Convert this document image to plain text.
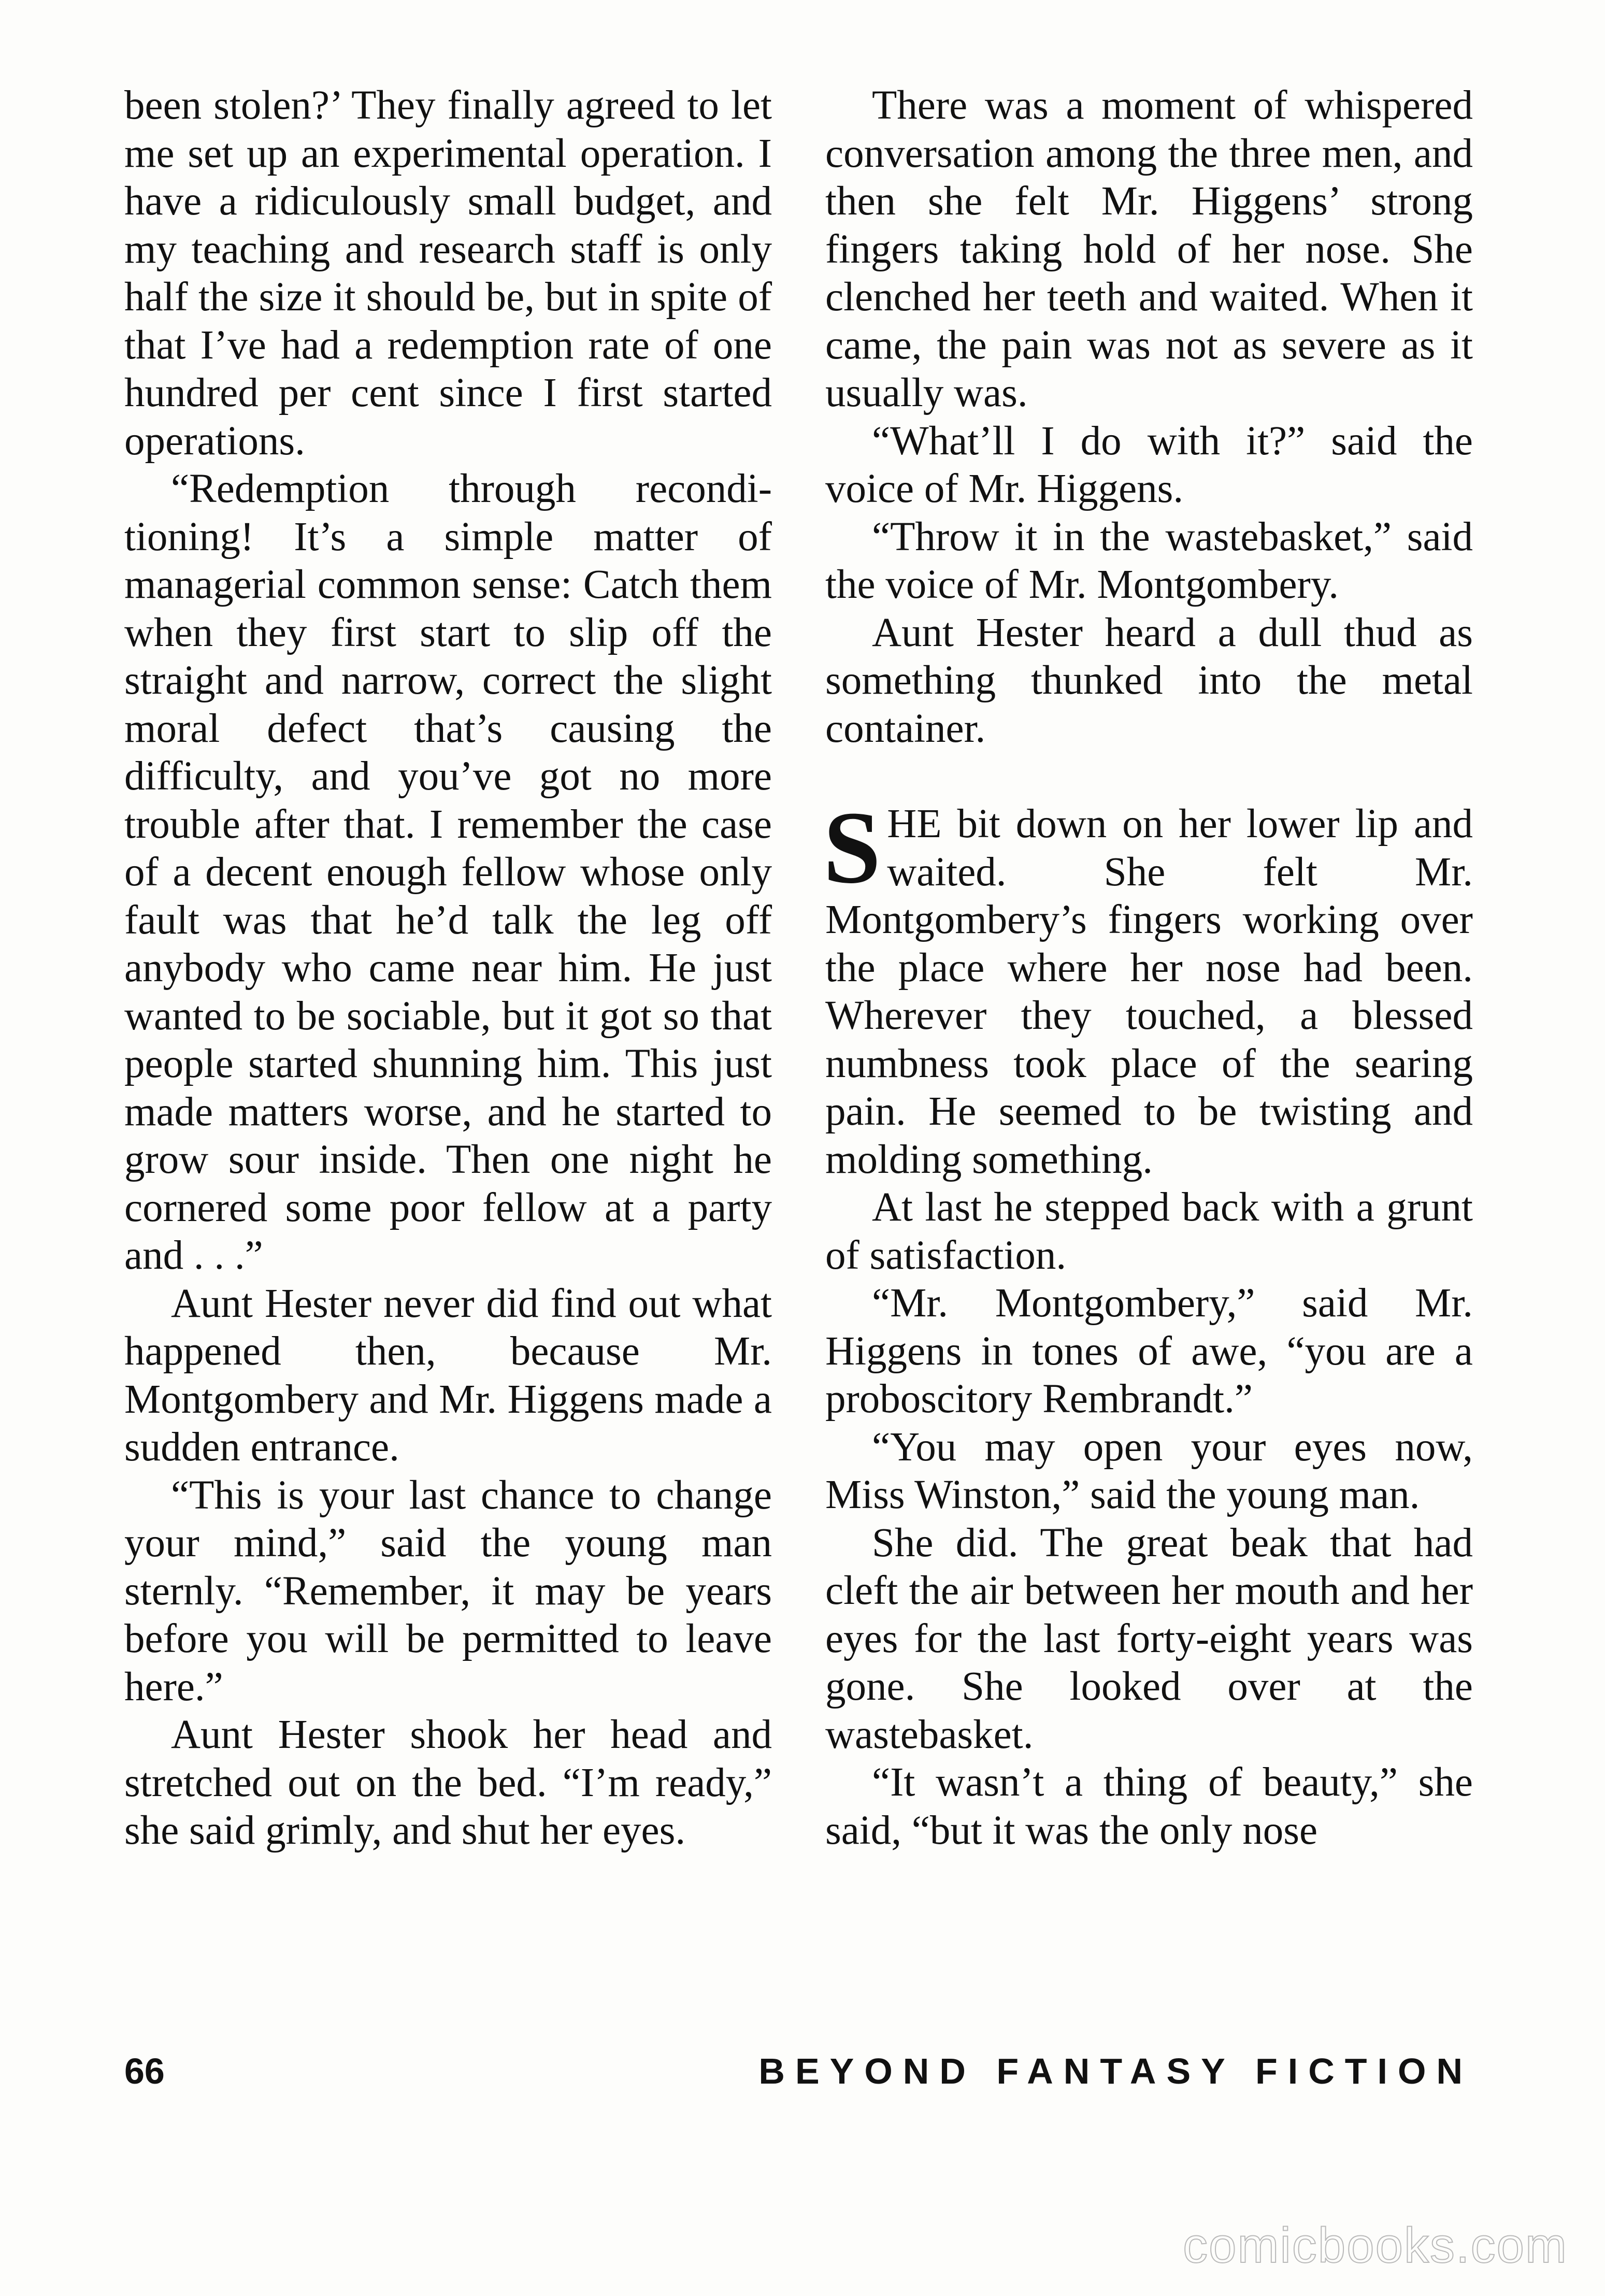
been stolen?’ They finally agreed to let me set up an experimental operation. I have a ridiculously small budget, and my teaching and research staff is only half the size it should be, but in spite of that I’ve had a redemption rate of one hundred per cent since I first started operations.

“Redemption through reconditioning! It’s a simple matter of managerial common sense: Catch them when they first start to slip off the straight and narrow, correct the slight moral defect that’s causing the difficulty, and you’ve got no more trouble after that. I remember the case of a decent enough fellow whose only fault was that he’d talk the leg off anybody who came near him. He just wanted to be sociable, but it got so that people started shunning him. This just made matters worse, and he started to grow sour inside. Then one night he cornered some poor fellow at a party and . . .”

Aunt Hester never did find out what happened then, because Mr. Montgombery and Mr. Higgens made a sudden entrance.

“This is your last chance to change your mind,” said the young man sternly. “Remember, it may be years before you will be permitted to leave here.”

Aunt Hester shook her head and stretched out on the bed. “I’m ready,” she said grimly, and shut her eyes.

There was a moment of whispered conversation among the three men, and then she felt Mr. Higgens’ strong fingers taking hold of her nose. She clenched her teeth and waited. When it came, the pain was not as severe as it usually was.

“What’ll I do with it?” said the voice of Mr. Higgens.

“Throw it in the wastebasket,” said the voice of Mr. Montgombery.

Aunt Hester heard a dull thud as something thunked into the metal container.

SHE bit down on her lower lip and waited. She felt Mr. Montgombery’s fingers working over the place where her nose had been. Wherever they touched, a blessed numbness took place of the searing pain. He seemed to be twisting and molding something.

At last he stepped back with a grunt of satisfaction.

“Mr. Montgombery,” said Mr. Higgens in tones of awe, “you are a proboscitory Rembrandt.”

“You may open your eyes now, Miss Winston,” said the young man.

She did. The great beak that had cleft the air between her mouth and her eyes for the last forty-eight years was gone. She looked over at the wastebasket.

“It wasn’t a thing of beauty,” she said, “but it was the only nose

66	BEYOND FANTASY FICTION
comicbooks.com
